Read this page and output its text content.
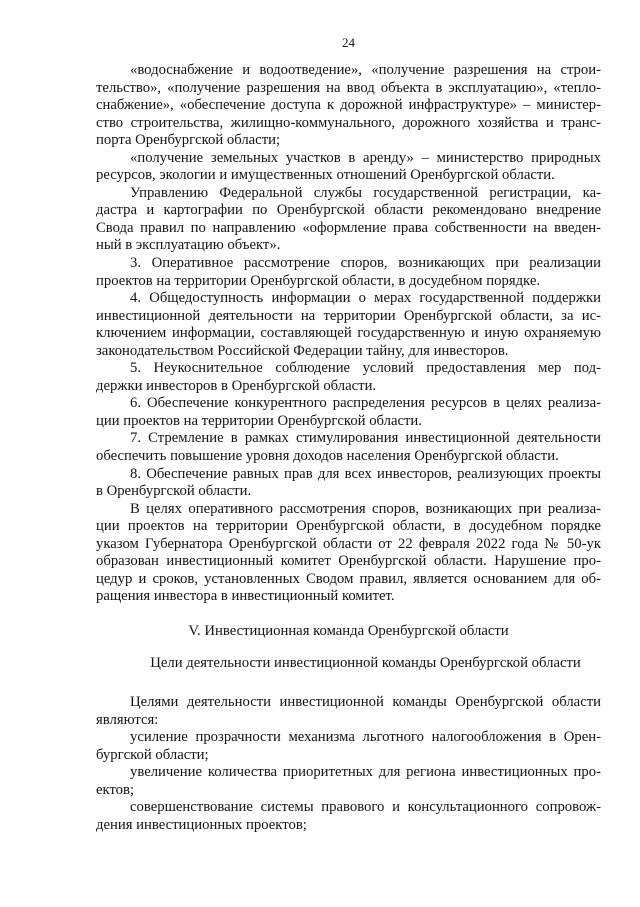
24
«водоснабжение и водоотведение», «получение разрешения на строи-
тельство», «получение разрешения на ввод объекта в эксплуатацию», «тепло-
снабжение», «обеспечение доступа к дорожной инфраструктуре» – министер-
ство строительства, жилищно-коммунального, дорожного хозяйства и транс-
порта Оренбургской области;
«получение земельных участков в аренду» – министерство природных
ресурсов, экологии и имущественных отношений Оренбургской области.
Управлению Федеральной службы государственной регистрации, ка-
дастра и картографии по Оренбургской области рекомендовано внедрение
Свода правил по направлению «оформление права собственности на введен-
ный в эксплуатацию объект».
3. Оперативное рассмотрение споров, возникающих при реализации
проектов на территории Оренбургской области, в досудебном порядке.
4. Общедоступность информации о мерах государственной поддержки
инвестиционной деятельности на территории Оренбургской области, за ис-
ключением информации, составляющей государственную и иную охраняемую
законодательством Российской Федерации тайну, для инвесторов.
5. Неукоснительное соблюдение условий предоставления мер под-
держки инвесторов в Оренбургской области.
6. Обеспечение конкурентного распределения ресурсов в целях реализа-
ции проектов на территории Оренбургской области.
7. Стремление в рамках стимулирования инвестиционной деятельности
обеспечить повышение уровня доходов населения Оренбургской области.
8. Обеспечение равных прав для всех инвесторов, реализующих проекты
в Оренбургской области.
В целях оперативного рассмотрения споров, возникающих при реализа-
ции проектов на территории Оренбургской области, в досудебном порядке
указом Губернатора Оренбургской области от 22 февраля 2022 года № 50-ук
образован инвестиционный комитет Оренбургской области. Нарушение про-
цедур и сроков, установленных Сводом правил, является основанием для об-
ращения инвестора в инвестиционный комитет.
V. Инвестиционная команда Оренбургской области
Цели деятельности инвестиционной команды Оренбургской области
Целями деятельности инвестиционной команды Оренбургской области
являются:
усиление прозрачности механизма льготного налогообложения в Орен-
бургской области;
увеличение количества приоритетных для региона инвестиционных про-
ектов;
совершенствование системы правового и консультационного сопровож-
дения инвестиционных проектов;
